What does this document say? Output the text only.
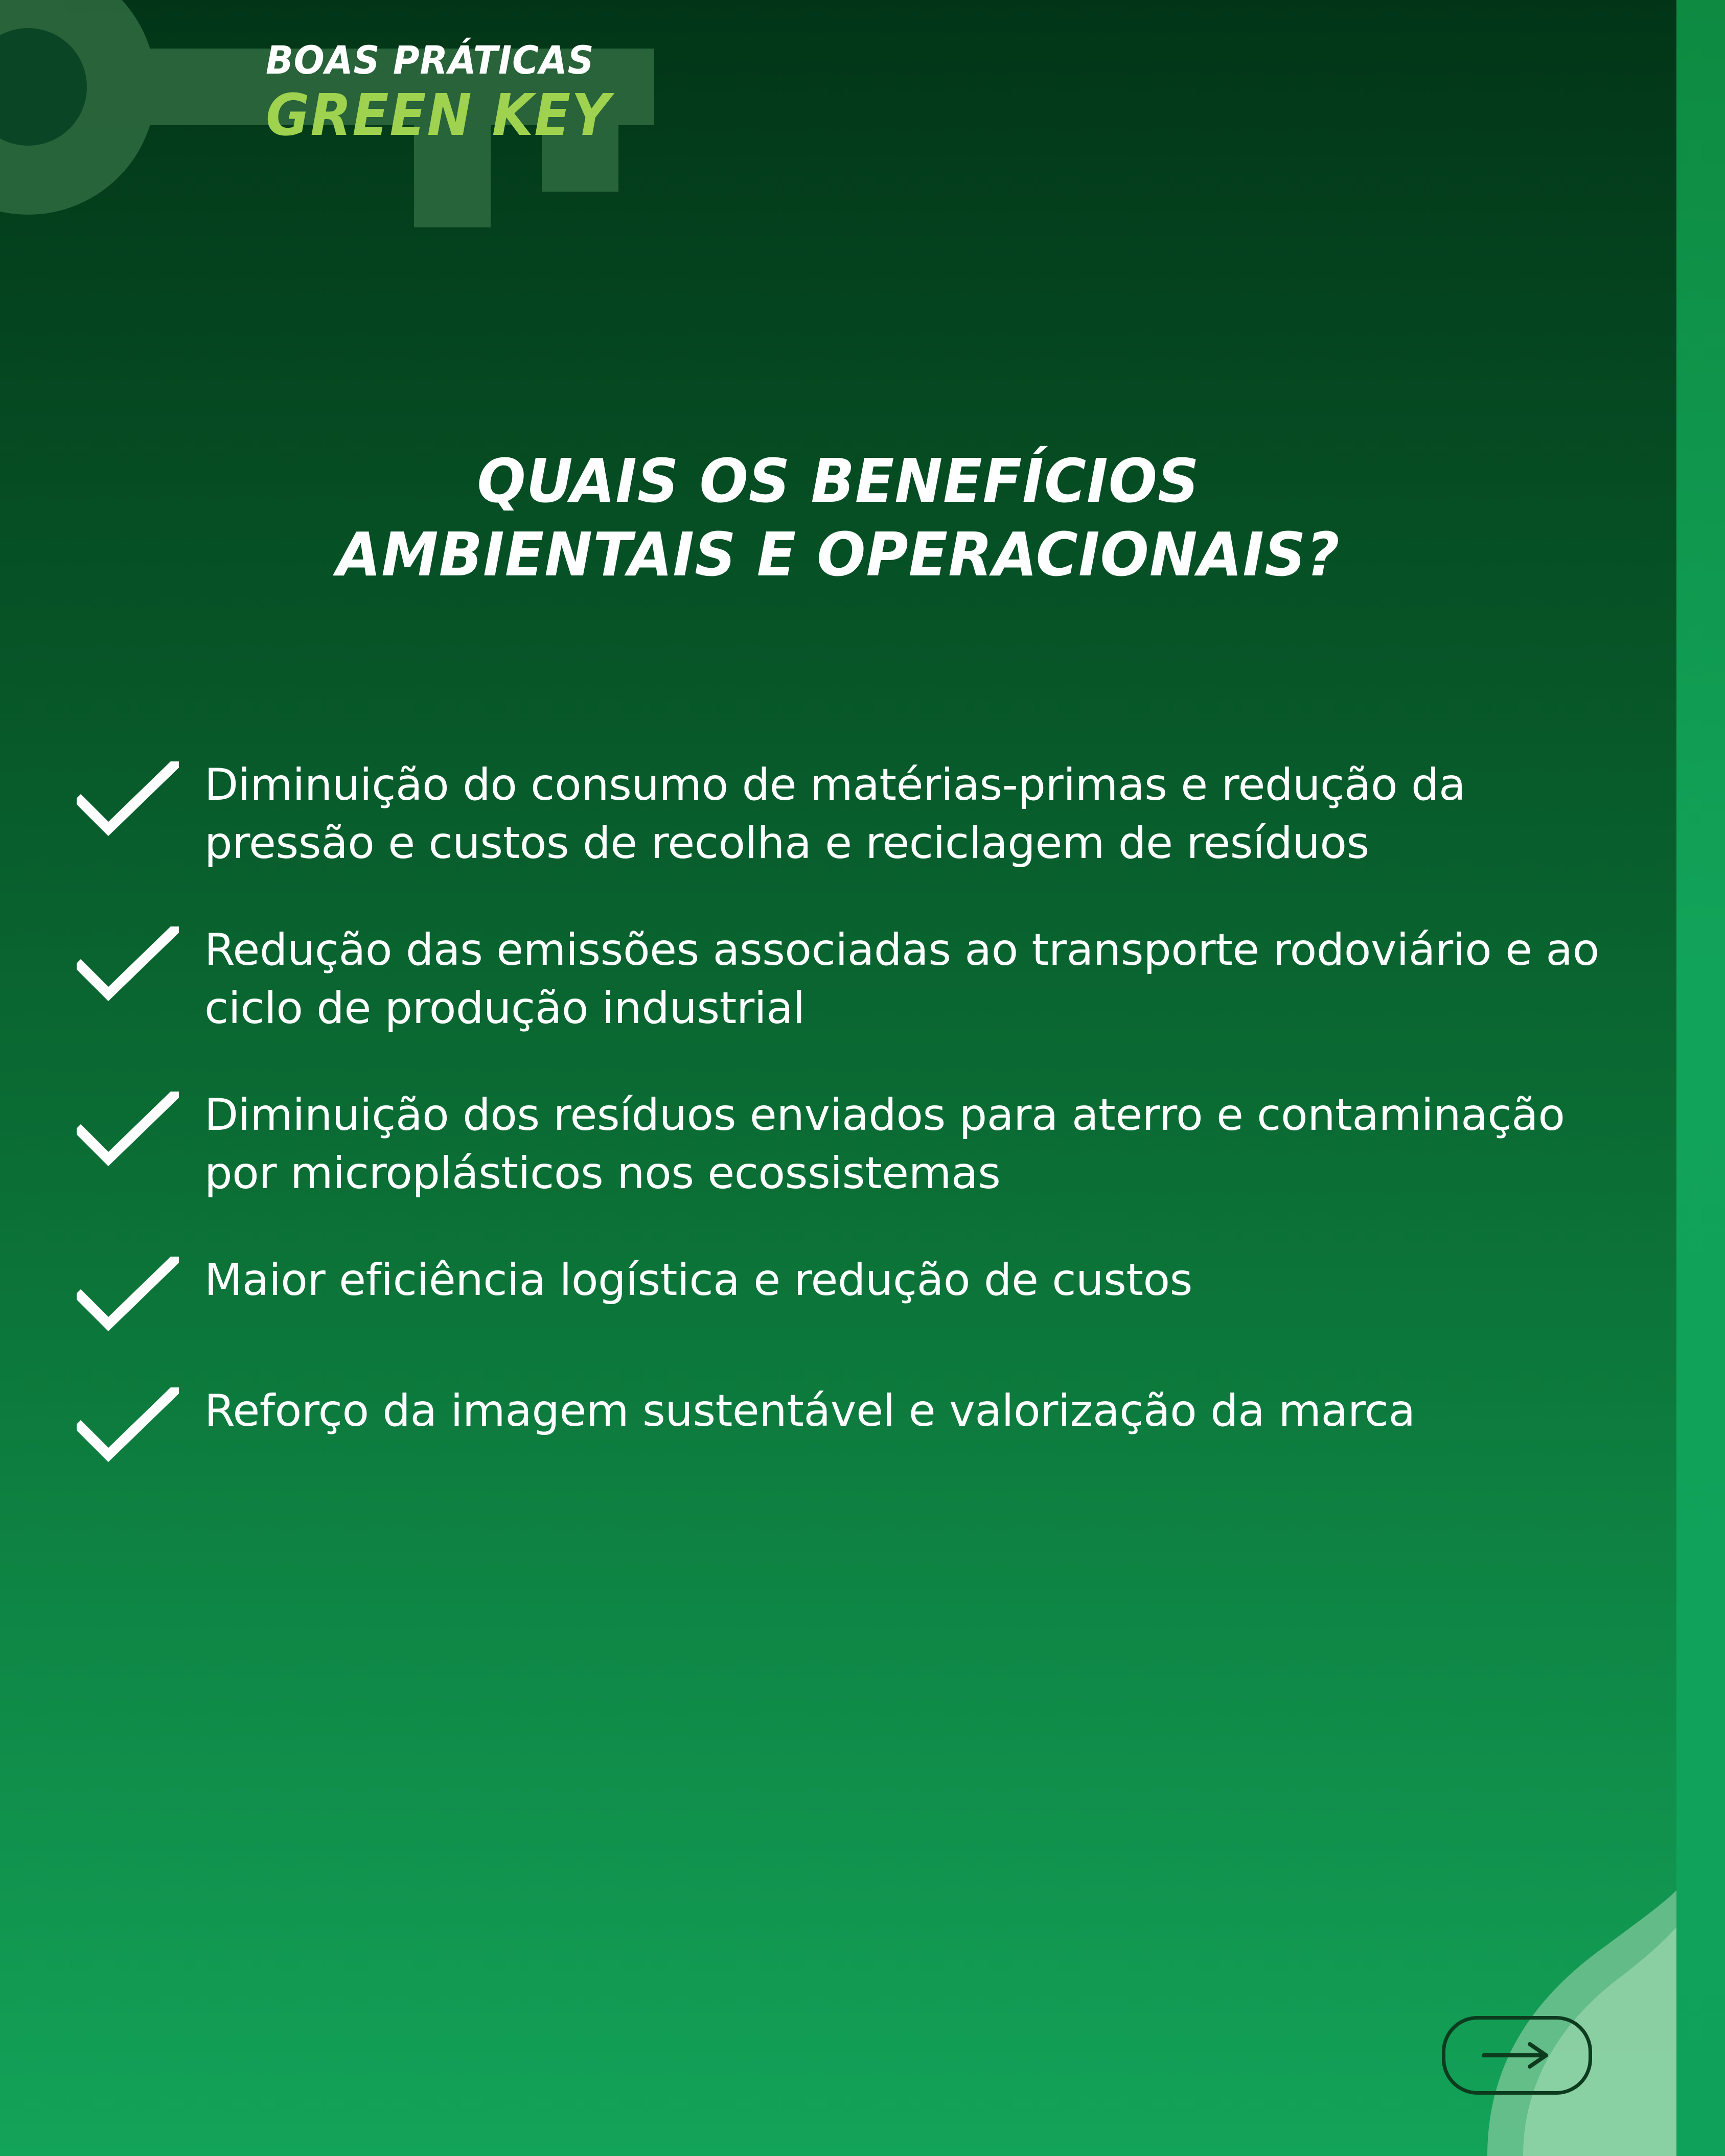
BOAS PRÁTICAS
GREEN KEY
QUAIS OS BENEFÍCIOS
AMBIENTAIS E OPERACIONAIS?
Diminuição do consumo de matérias-primas e redução da pressão e custos de recolha e reciclagem de resíduos
Redução das emissões associadas ao transporte rodoviário e ao ciclo de produção industrial
Diminuição dos resíduos enviados para aterro e contaminação por microplásticos nos ecossistemas
Maior eficiência logística e redução de custos
Reforço da imagem sustentável e valorização da marca
